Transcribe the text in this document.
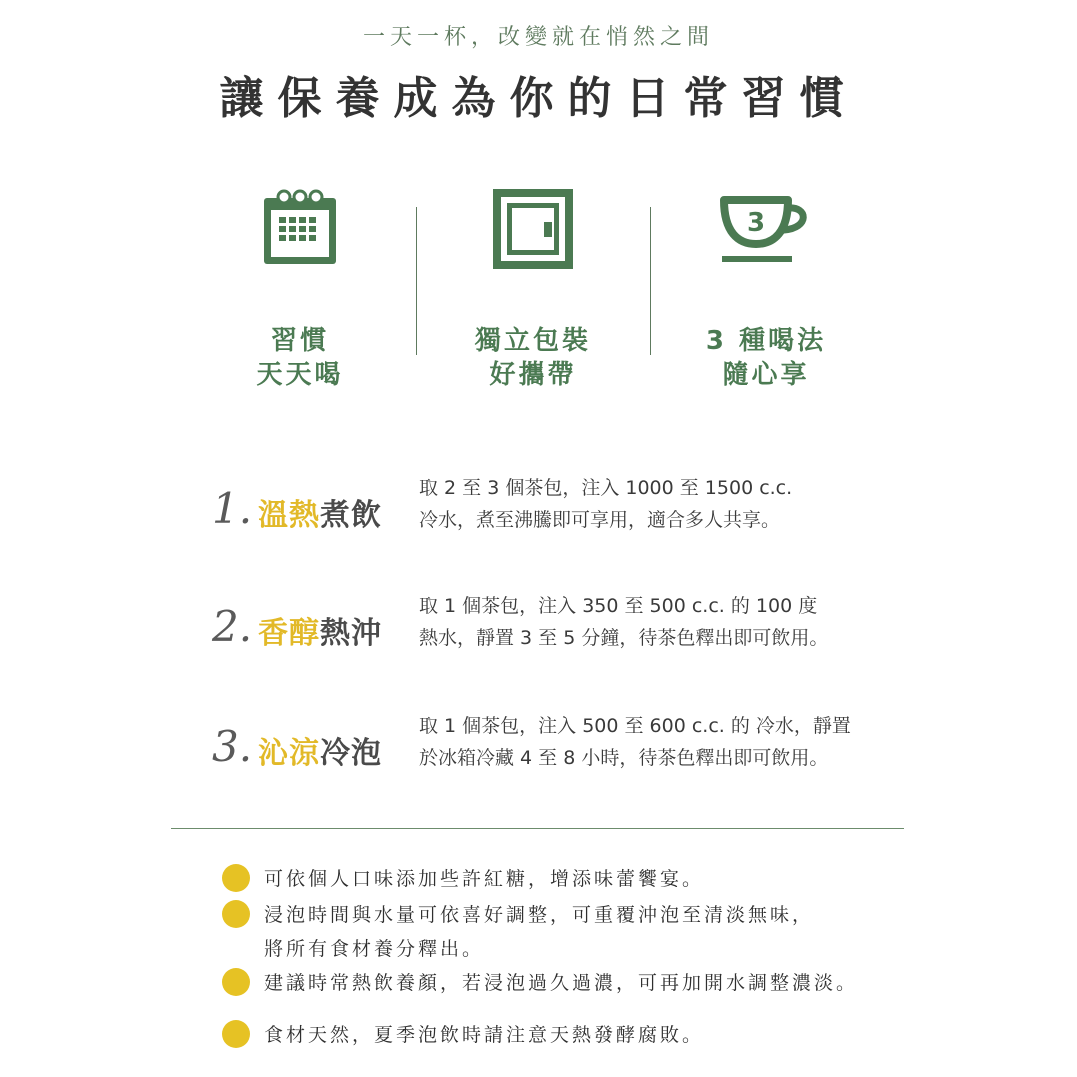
一天一杯，改變就在悄然之間
讓保養成為你的日常習慣
習慣
天天喝
獨立包裝
好攜帶
3
3 種喝法
隨心享
1. 溫熱煮飲
取 2 至 3 個茶包，注入 1000 至 1500 c.c.
冷水，煮至沸騰即可享用，適合多人共享。
2. 香醇熱沖
取 1 個茶包，注入 350 至 500 c.c. 的 100 度
熱水，靜置 3 至 5 分鐘，待茶色釋出即可飲用。
3. 沁涼冷泡
取 1 個茶包，注入 500 至 600 c.c. 的 冷水，靜置
於冰箱冷藏 4 至 8 小時，待茶色釋出即可飲用。
可依個人口味添加些許紅糖，增添味蕾饗宴。
浸泡時間與水量可依喜好調整，可重覆沖泡至清淡無味，
將所有食材養分釋出。
建議時常熱飲養顏，若浸泡過久過濃，可再加開水調整濃淡。
食材天然，夏季泡飲時請注意天熱發酵腐敗。
